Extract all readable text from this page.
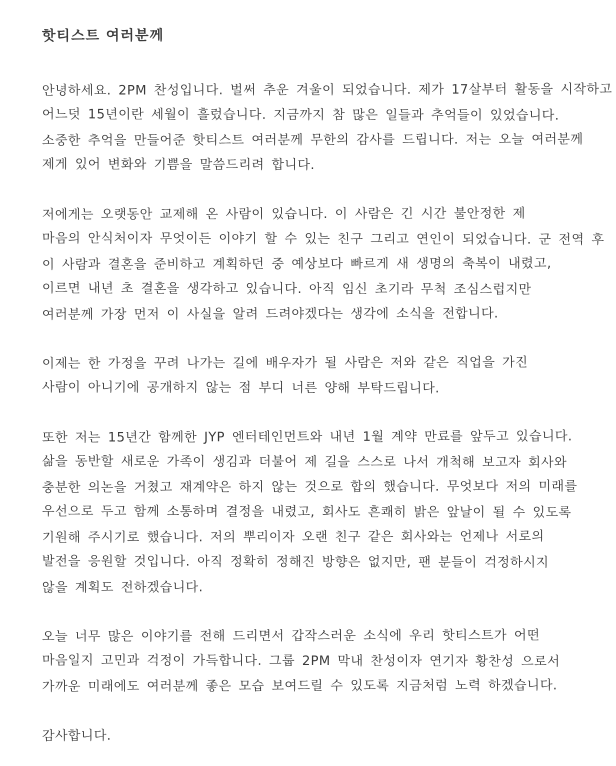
핫티스트 여러분께
안녕하세요. 2PM 찬성입니다. 벌써 추운 겨울이 되었습니다. 제가 17살부터 활동을 시작하고
어느덧 15년이란 세월이 흘렀습니다. 지금까지 참 많은 일들과 추억들이 있었습니다.
소중한 추억을 만들어준 핫티스트 여러분께 무한의 감사를 드립니다. 저는 오늘 여러분께
제게 있어 변화와 기쁨을 말씀드리려 합니다.
저에게는 오랫동안 교제해 온 사람이 있습니다. 이 사람은 긴 시간 불안정한 제
마음의 안식처이자 무엇이든 이야기 할 수 있는 친구 그리고 연인이 되었습니다. 군 전역 후
이 사람과 결혼을 준비하고 계획하던 중 예상보다 빠르게 새 생명의 축복이 내렸고,
이르면 내년 초 결혼을 생각하고 있습니다. 아직 임신 초기라 무척 조심스럽지만
여러분께 가장 먼저 이 사실을 알려 드려야겠다는 생각에 소식을 전합니다.
이제는 한 가정을 꾸려 나가는 길에 배우자가 될 사람은 저와 같은 직업을 가진
사람이 아니기에 공개하지 않는 점 부디 너른 양해 부탁드립니다.
또한 저는 15년간 함께한 JYP 엔터테인먼트와 내년 1월 계약 만료를 앞두고 있습니다.
삶을 동반할 새로운 가족이 생김과 더불어 제 길을 스스로 나서 개척해 보고자 회사와
충분한 의논을 거쳤고 재계약은 하지 않는 것으로 합의 했습니다. 무엇보다 저의 미래를
우선으로 두고 함께 소통하며 결정을 내렸고, 회사도 흔쾌히 밝은 앞날이 될 수 있도록
기원해 주시기로 했습니다. 저의 뿌리이자 오랜 친구 같은 회사와는 언제나 서로의
발전을 응원할 것입니다. 아직 정확히 정해진 방향은 없지만, 팬 분들이 걱정하시지
않을 계획도 전하겠습니다.
오늘 너무 많은 이야기를 전해 드리면서 갑작스러운 소식에 우리 핫티스트가 어떤
마음일지 고민과 걱정이 가득합니다. 그룹 2PM 막내 찬성이자 연기자 황찬성 으로서
가까운 미래에도 여러분께 좋은 모습 보여드릴 수 있도록 지금처럼 노력 하겠습니다.
감사합니다.
